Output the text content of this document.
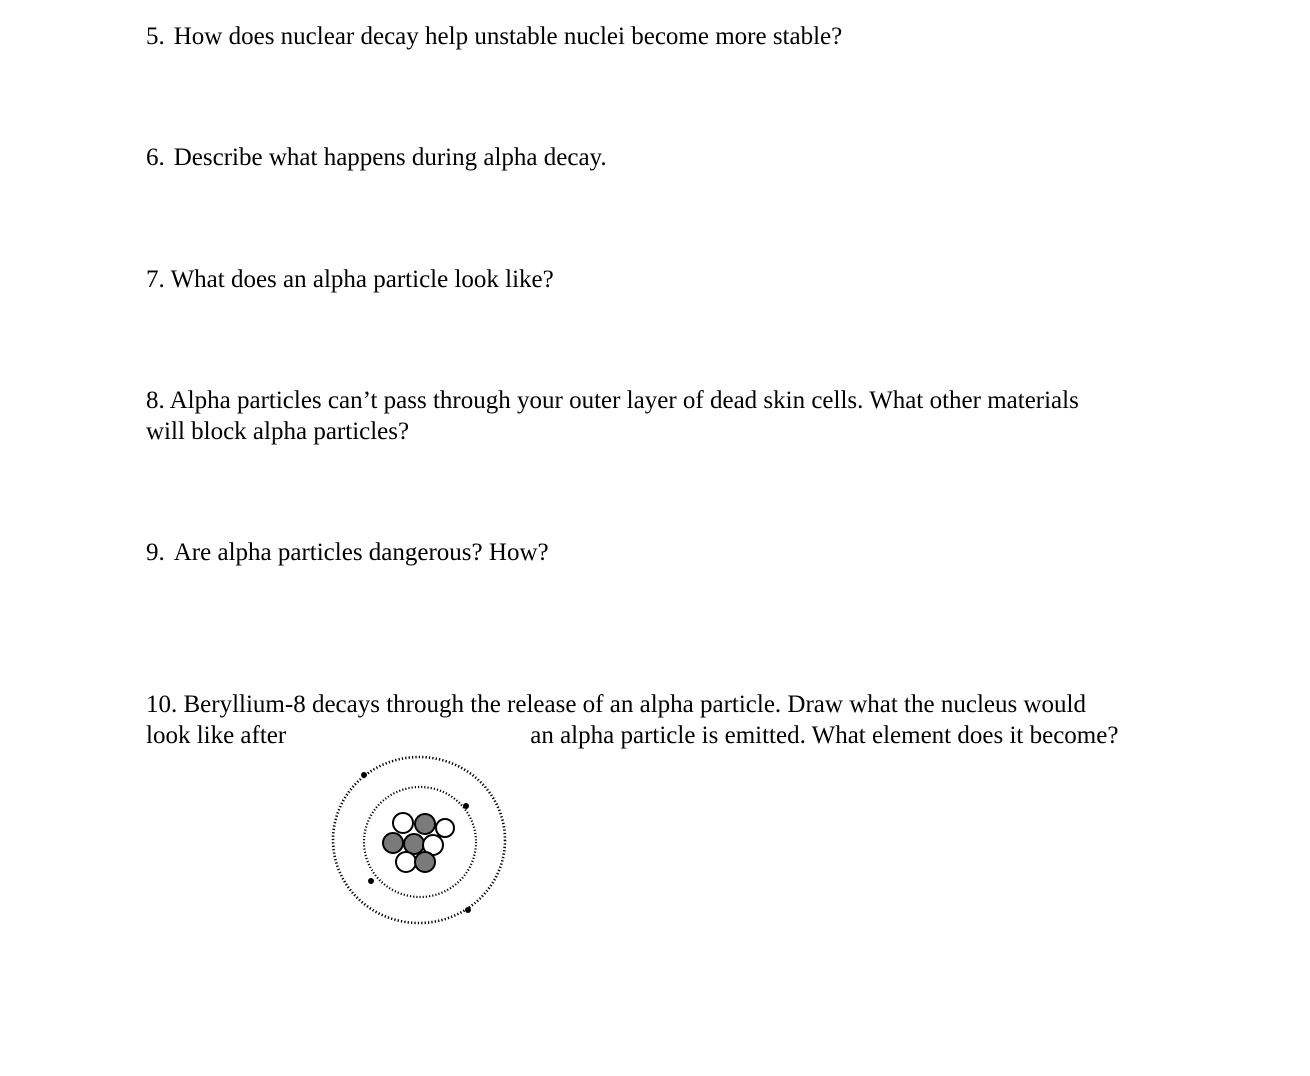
5. How does nuclear decay help unstable nuclei become more stable?
6. Describe what happens during alpha decay.
7. What does an alpha particle look like?
8. Alpha particles can’t pass through your outer layer of dead skin cells. What other materials
will block alpha particles?
9. Are alpha particles dangerous? How?
10. Beryllium-8 decays through the release of an alpha particle. Draw what the nucleus would
look like after	an alpha particle is emitted. What element does it become?
